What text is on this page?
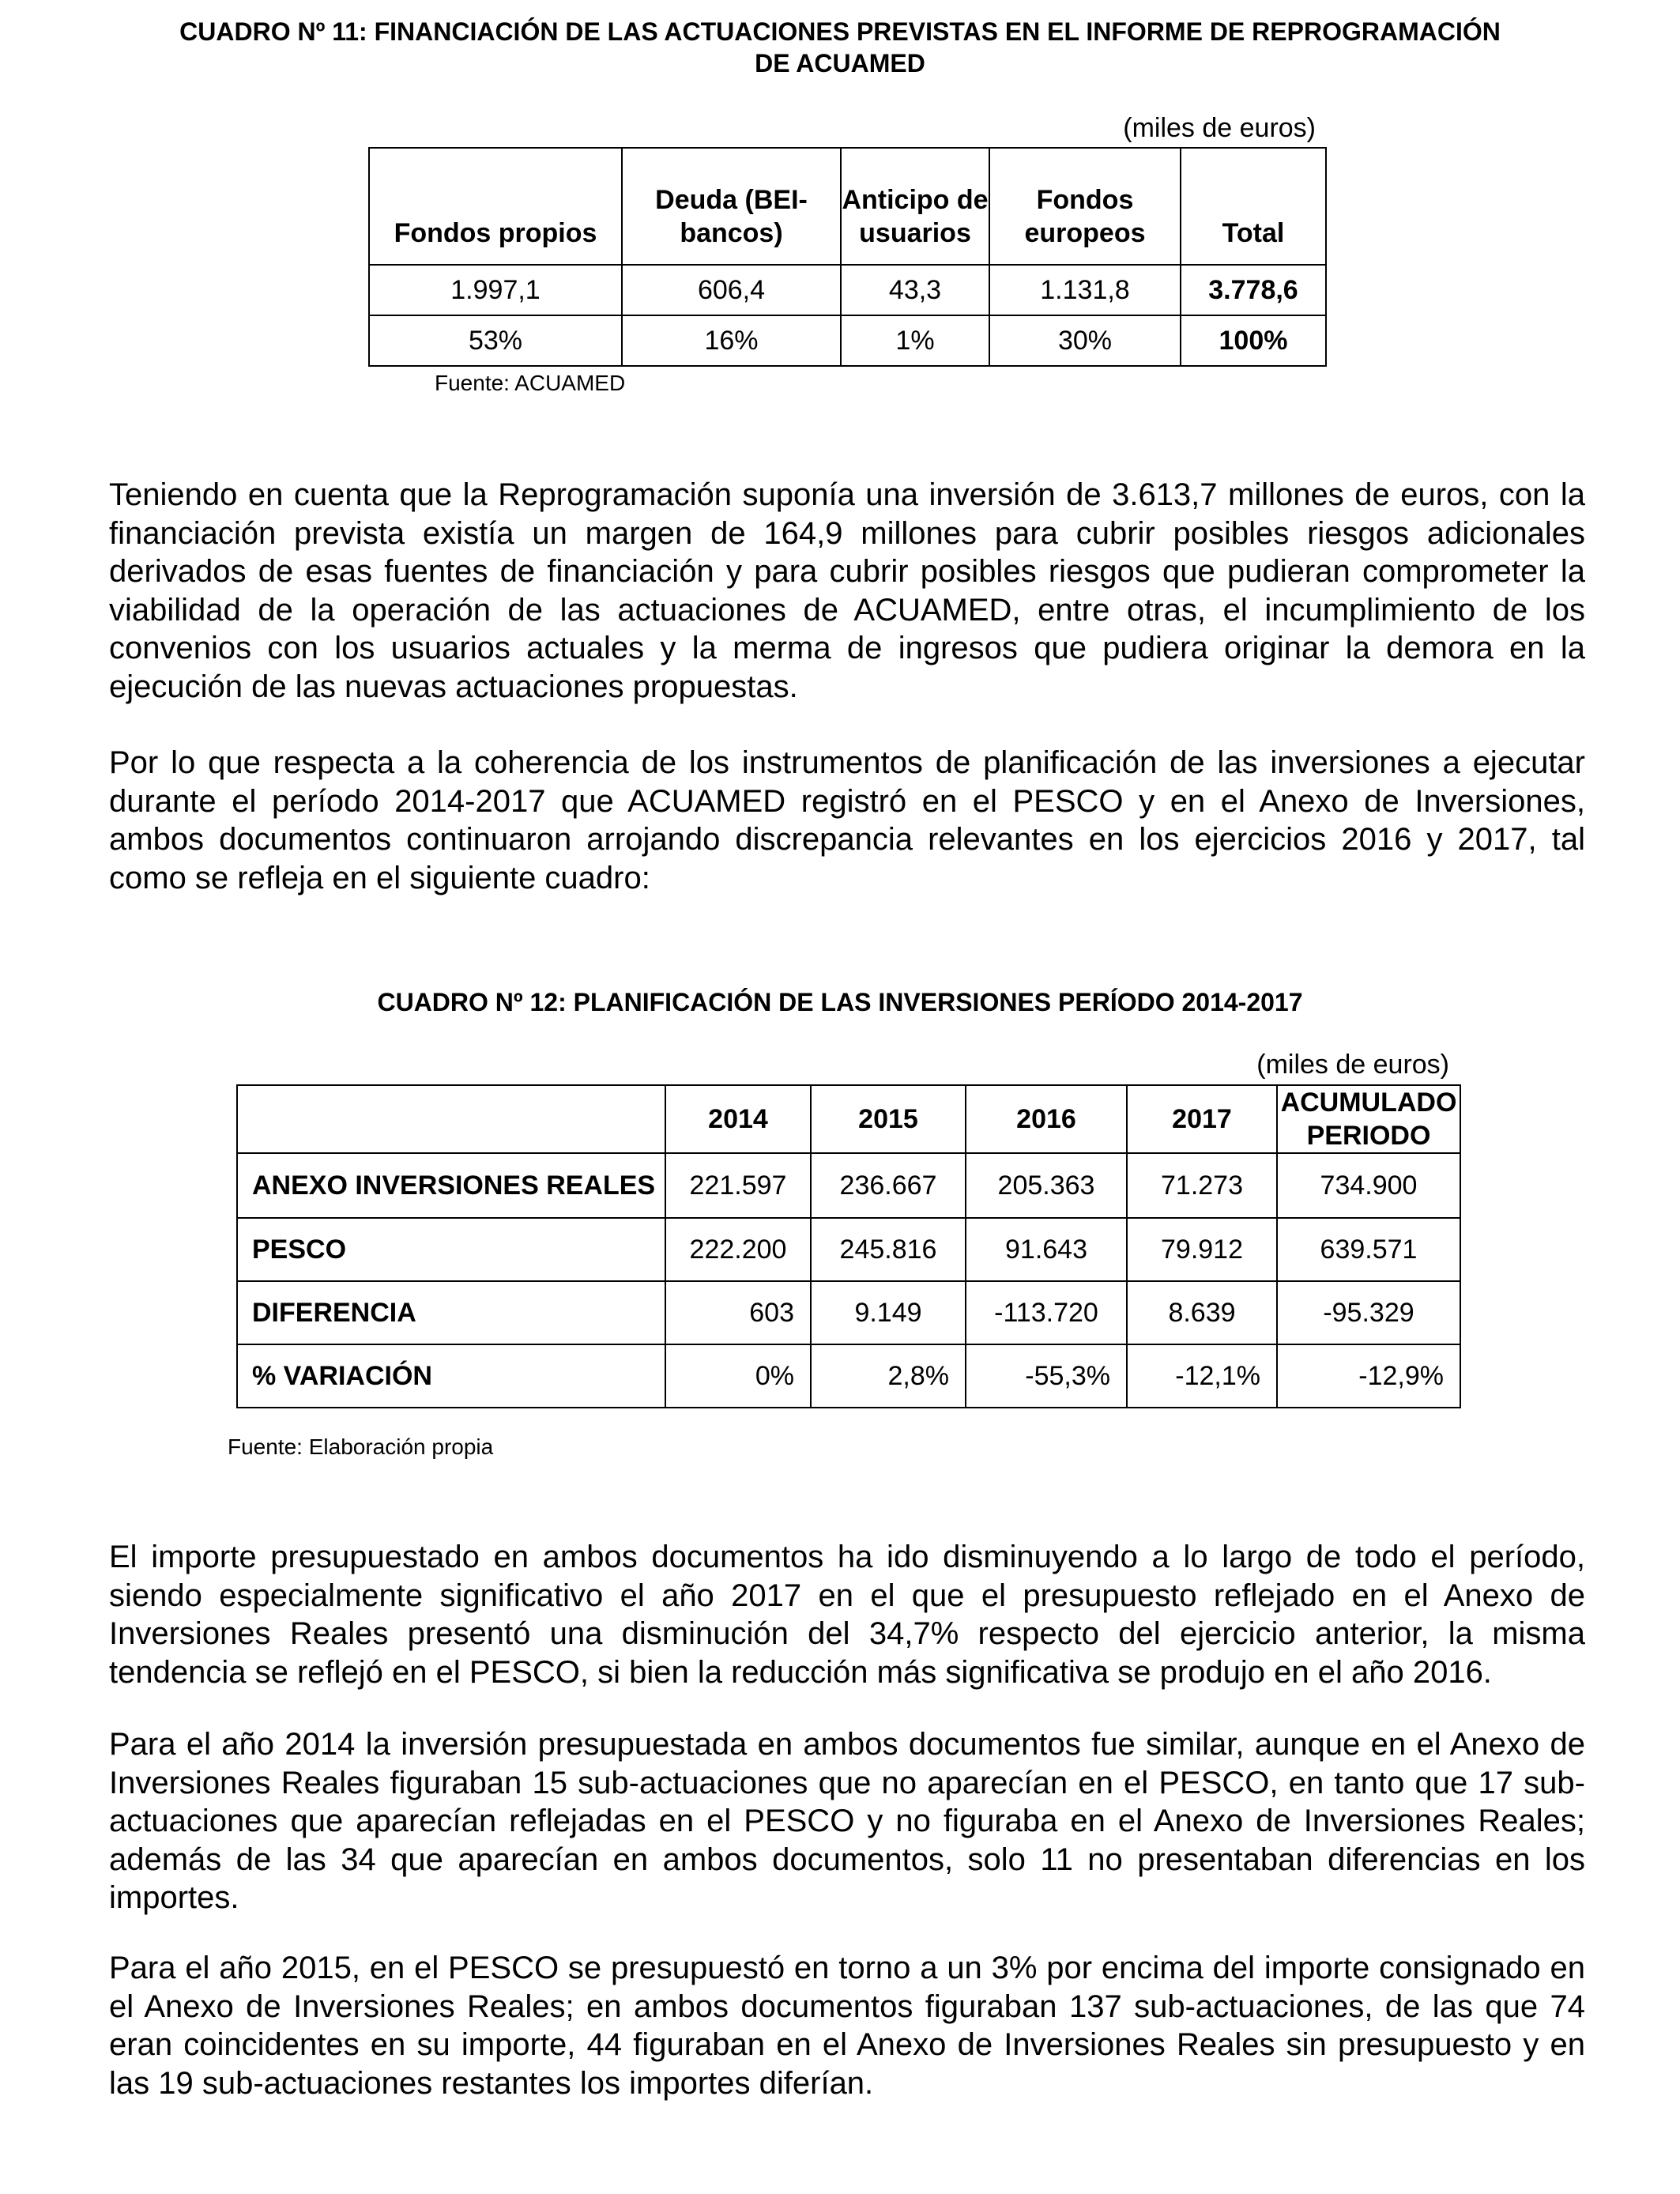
CUADRO Nº 11: FINANCIACIÓN DE LAS ACTUACIONES PREVISTAS EN EL INFORME DE REPROGRAMACIÓN
DE ACUAMED
(miles de euros)
Fondos propios	Deuda (BEI-bancos)	Anticipo de usuarios	Fondos europeos	Total
1.997,1	606,4	43,3	1.131,8	3.778,6
53%	16%	1%	30%	100%
Fuente: ACUAMED
Teniendo en cuenta que la Reprogramación suponía una inversión de 3.613,7 millones de euros, con la financiación prevista existía un margen de 164,9 millones para cubrir posibles riesgos adicionales derivados de esas fuentes de financiación y para cubrir posibles riesgos que pudieran comprometer la viabilidad de la operación de las actuaciones de ACUAMED, entre otras, el incumplimiento de los convenios con los usuarios actuales y la merma de ingresos que pudiera originar la demora en la ejecución de las nuevas actuaciones propuestas.
Por lo que respecta a la coherencia de los instrumentos de planificación de las inversiones a ejecutar durante el período 2014-2017 que ACUAMED registró en el PESCO y en el Anexo de Inversiones, ambos documentos continuaron arrojando discrepancia relevantes en los ejercicios 2016 y 2017, tal como se refleja en el siguiente cuadro:
CUADRO Nº 12: PLANIFICACIÓN DE LAS INVERSIONES PERÍODO 2014-2017
(miles de euros)
	2014	2015	2016	2017	ACUMULADO PERIODO
ANEXO INVERSIONES REALES	221.597	236.667	205.363	71.273	734.900
PESCO	222.200	245.816	91.643	79.912	639.571
DIFERENCIA	603	9.149	-113.720	8.639	-95.329
% VARIACIÓN	0%	2,8%	-55,3%	-12,1%	-12,9%
Fuente: Elaboración propia
El importe presupuestado en ambos documentos ha ido disminuyendo a lo largo de todo el período, siendo especialmente significativo el año 2017 en el que el presupuesto reflejado en el Anexo de Inversiones Reales presentó una disminución del 34,7% respecto del ejercicio anterior, la misma tendencia se reflejó en el PESCO, si bien la reducción más significativa se produjo en el año 2016.
Para el año 2014 la inversión presupuestada en ambos documentos fue similar, aunque en el Anexo de Inversiones Reales figuraban 15 sub-actuaciones que no aparecían en el PESCO, en tanto que 17 sub-actuaciones que aparecían reflejadas en el PESCO y no figuraba en el Anexo de Inversiones Reales; además de las 34 que aparecían en ambos documentos, solo 11 no presentaban diferencias en los importes.
Para el año 2015, en el PESCO se presupuestó en torno a un 3% por encima del importe consignado en el Anexo de Inversiones Reales; en ambos documentos figuraban 137 sub-actuaciones, de las que 74 eran coincidentes en su importe, 44 figuraban en el Anexo de Inversiones Reales sin presupuesto y en las 19 sub-actuaciones restantes los importes diferían.
